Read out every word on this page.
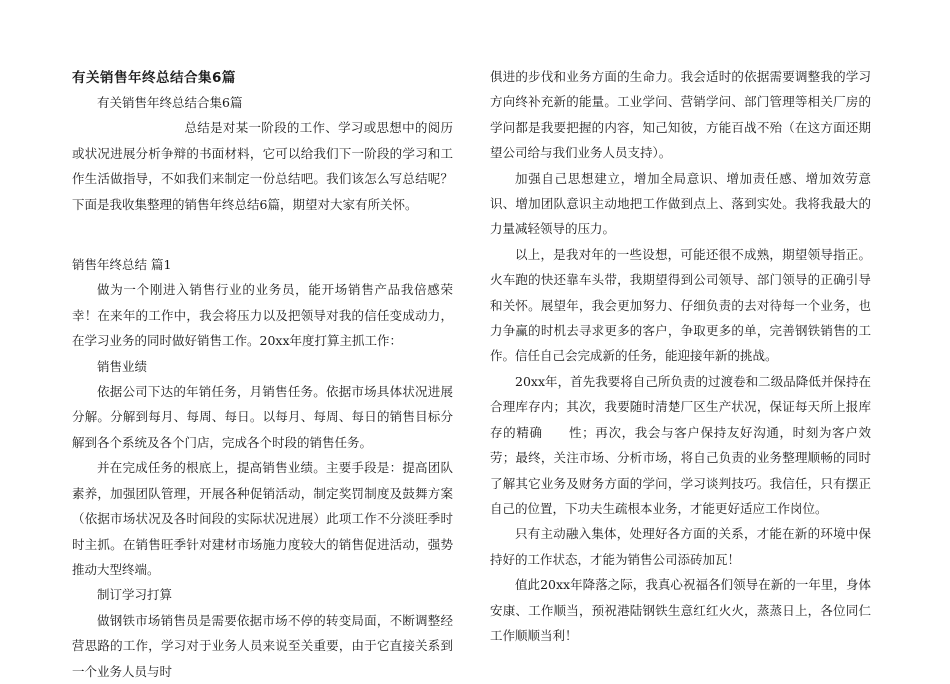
有关销售年终总结合集6篇

有关销售年终总结合集6篇

总结是对某一阶段的工作、学习或思想中的阅历或状况进展分析争辩的书面材料，它可以给我们下一阶段的学习和工作生活做指导，不如我们来制定一份总结吧。我们该怎么写总结呢？下面是我收集整理的销售年终总结6篇，期望对大家有所关怀。

销售年终总结 篇1

做为一个刚进入销售行业的业务员，能开场销售产品我倍感荣幸！在来年的工作中，我会将压力以及把领导对我的信任变成动力，在学习业务的同时做好销售工作。20xx年度打算主抓工作：

销售业绩

依据公司下达的年销任务，月销售任务。依据市场具体状况进展分解。分解到每月、每周、每日。以每月、每周、每日的销售目标分解到各个系统及各个门店，完成各个时段的销售任务。

并在完成任务的根底上，提高销售业绩。主要手段是：提高团队素养，加强团队管理，开展各种促销活动，制定奖罚制度及鼓舞方案（依据市场状况及各时间段的实际状况进展）此项工作不分淡旺季时时主抓。在销售旺季针对建材市场施力度较大的销售促进活动，强势推动大型终端。

制订学习打算

做钢铁市场销售员是需要依据市场不停的转变局面，不断调整经营思路的工作，学习对于业务人员来说至关重要，由于它直接关系到一个业务人员与时

俱进的步伐和业务方面的生命力。我会适时的依据需要调整我的学习方向终补充新的能量。工业学问、营销学问、部门管理等相关厂房的学问都是我要把握的内容，知己知彼，方能百战不殆（在这方面还期望公司给与我们业务人员支持）。

加强自己思想建立，增加全局意识、增加责任感、增加效劳意识、增加团队意识主动地把工作做到点上、落到实处。我将我最大的力量减轻领导的压力。

以上，是我对年的一些设想，可能还很不成熟，期望领导指正。火车跑的快还靠车头带，我期望得到公司领导、部门领导的正确引导和关怀。展望年，我会更加努力、仔细负责的去对待每一个业务，也力争赢的时机去寻求更多的客户，争取更多的单，完善钢铁销售的工作。信任自己会完成新的任务，能迎接年新的挑战。

20xx年，首先我要将自己所负责的过渡卷和二级品降低并保持在合理库存内；其次，我要随时清楚厂区生产状况，保证每天所上报库存的精确　　性；再次，我会与客户保持友好沟通，时刻为客户效劳；最终，关注市场、分析市场，将自己负责的业务整理顺畅的同时了解其它业务及财务方面的学问，学习谈判技巧。我信任，只有摆正自己的位置，下功夫生疏根本业务，才能更好适应工作岗位。

只有主动融入集体，处理好各方面的关系，才能在新的环境中保持好的工作状态，才能为销售公司添砖加瓦！

值此20xx年降落之际，我真心祝福各们领导在新的一年里，身体安康、工作顺当，预祝港陆钢铁生意红红火火，蒸蒸日上，各位同仁工作顺顺当利！
